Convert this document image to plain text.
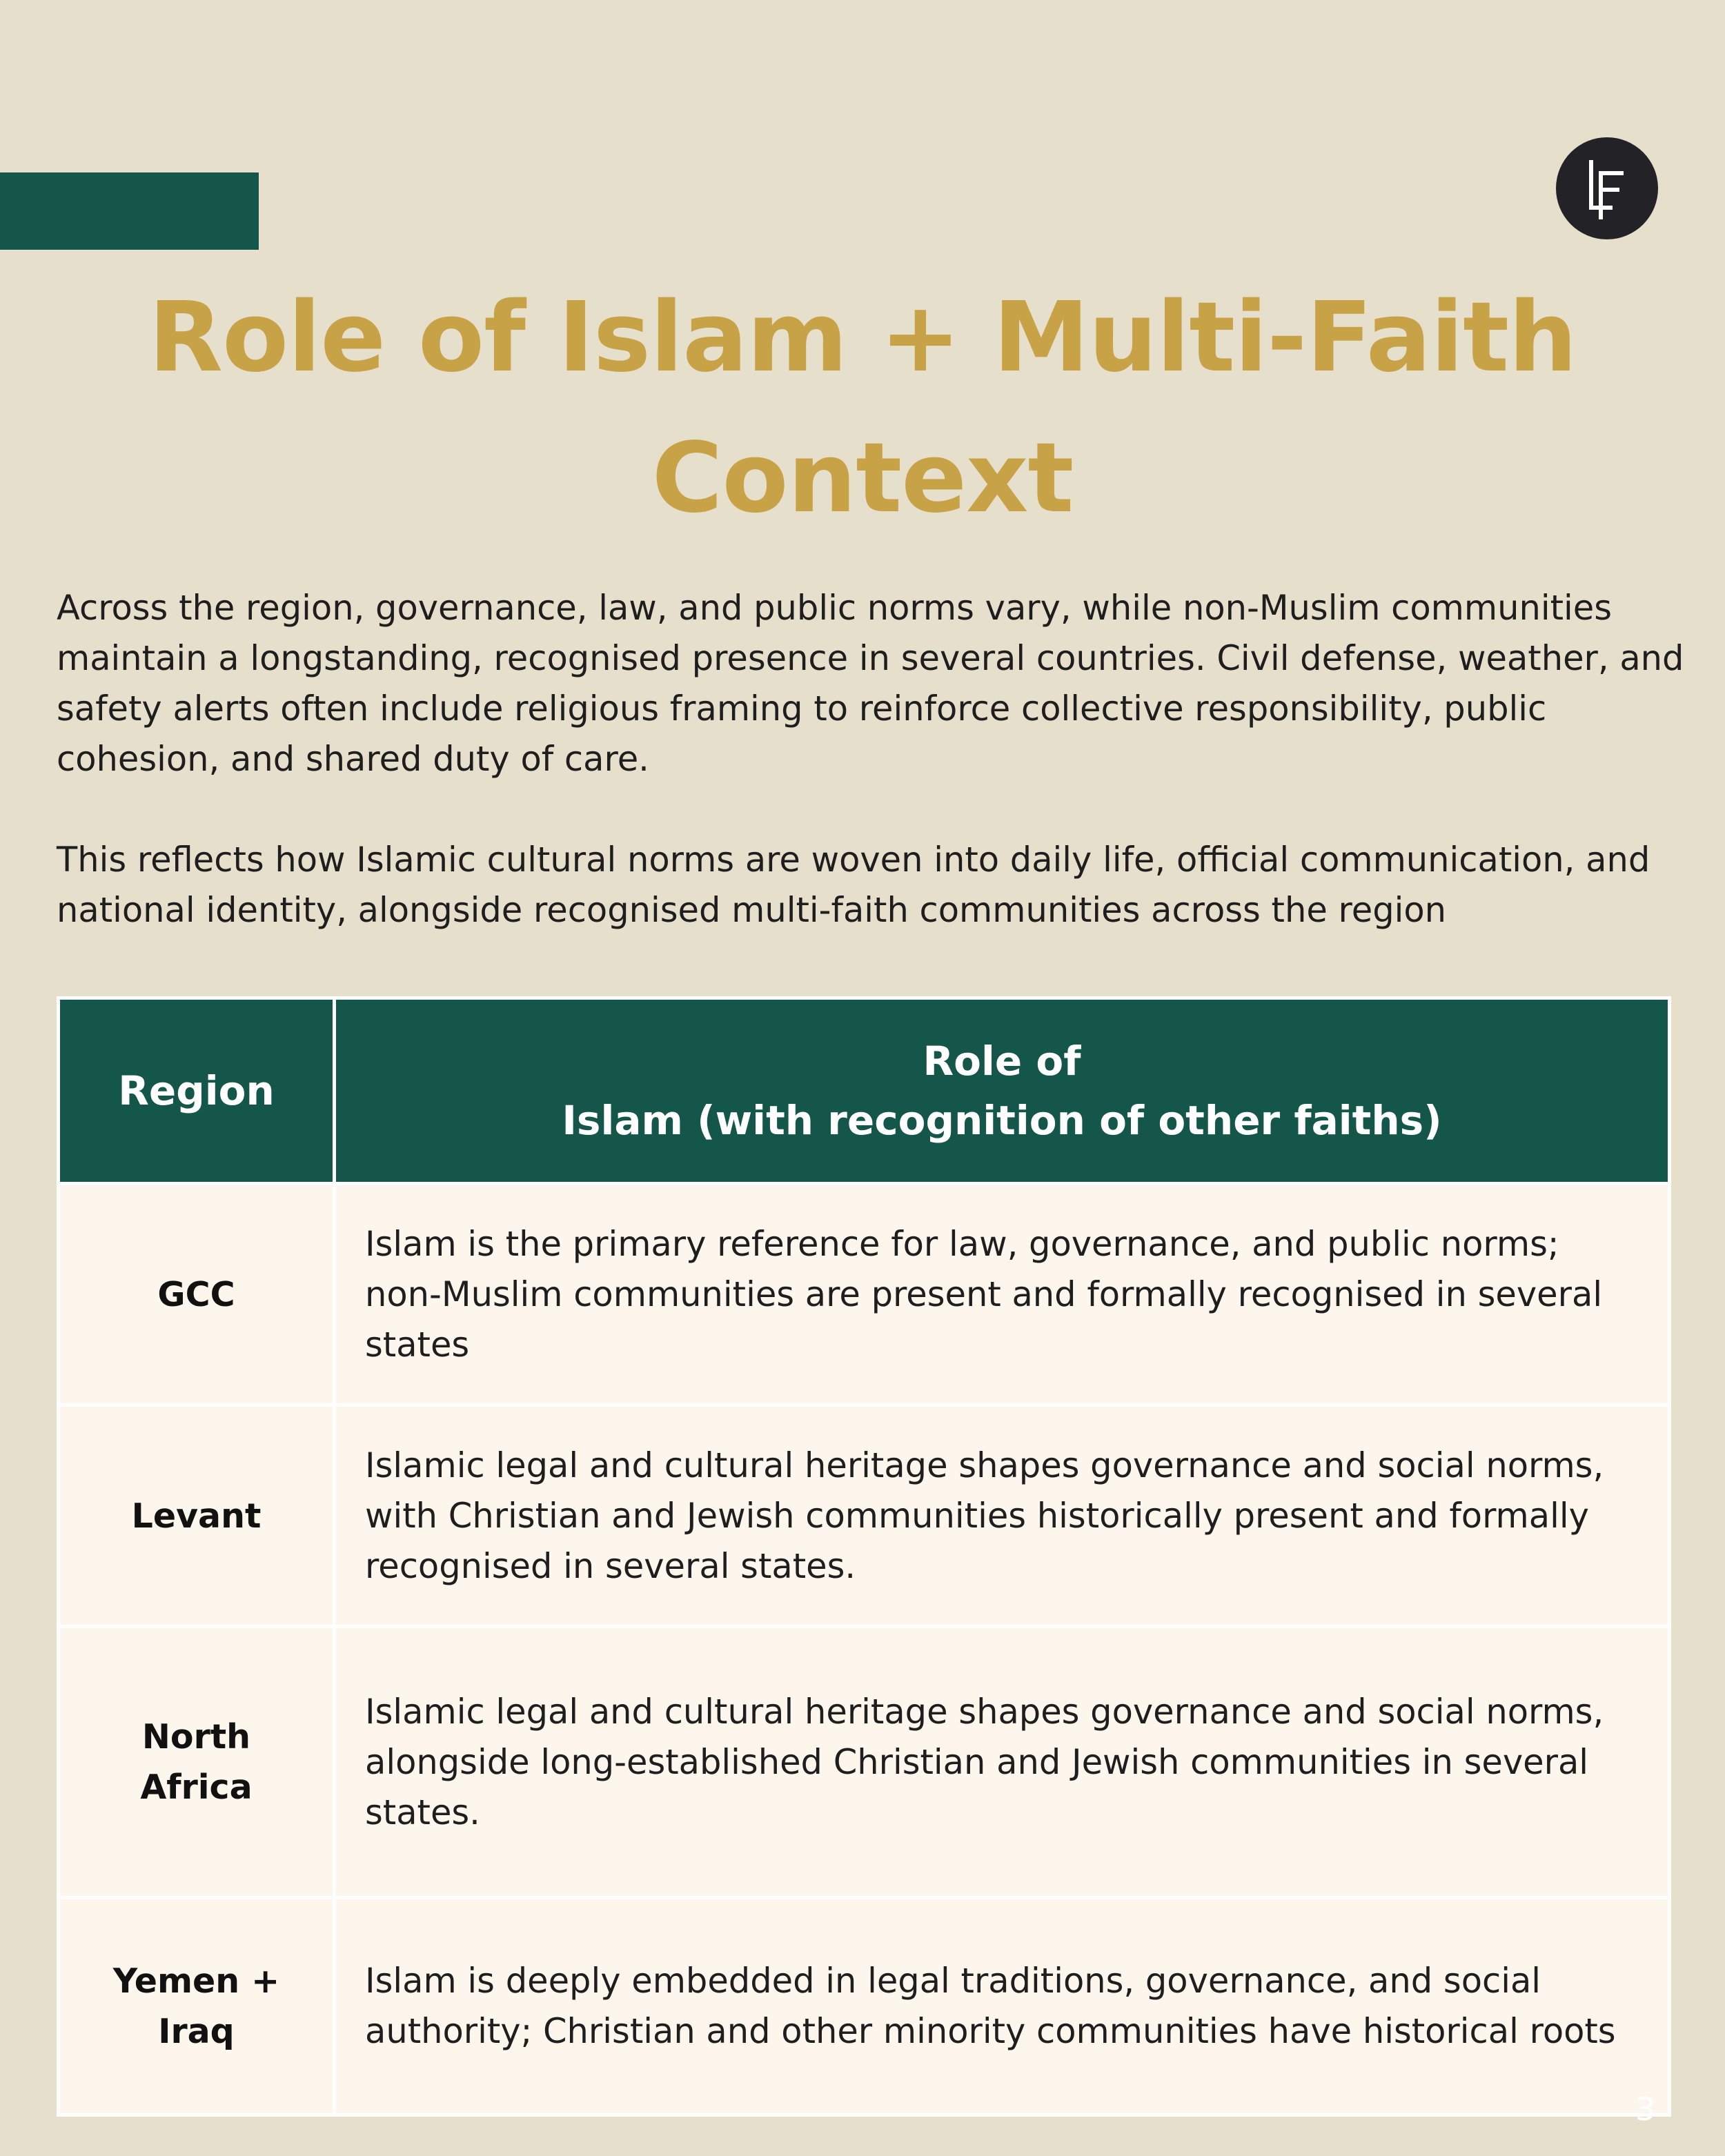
Role of Islam + Multi-Faith Context

Across the region, governance, law, and public norms vary, while non-Muslim communities maintain a longstanding, recognised presence in several countries. Civil defense, weather, and safety alerts often include religious framing to reinforce collective responsibility, public cohesion, and shared duty of care.

This reflects how Islamic cultural norms are woven into daily life, official communication, and national identity, alongside recognised multi-faith communities across the region

Region
Role of
Islam (with recognition of other faiths)
GCC
Islam is the primary reference for law, governance, and public norms; non-Muslim communities are present and formally recognised in several states
Levant
Islamic legal and cultural heritage shapes governance and social norms, with Christian and Jewish communities historically present and formally recognised in several states.
North
Africa
Islamic legal and cultural heritage shapes governance and social norms, alongside long-established Christian and Jewish communities in several states.
Yemen +
Iraq
Islam is deeply embedded in legal traditions, governance, and social authority; Christian and other minority communities have historical roots
3
